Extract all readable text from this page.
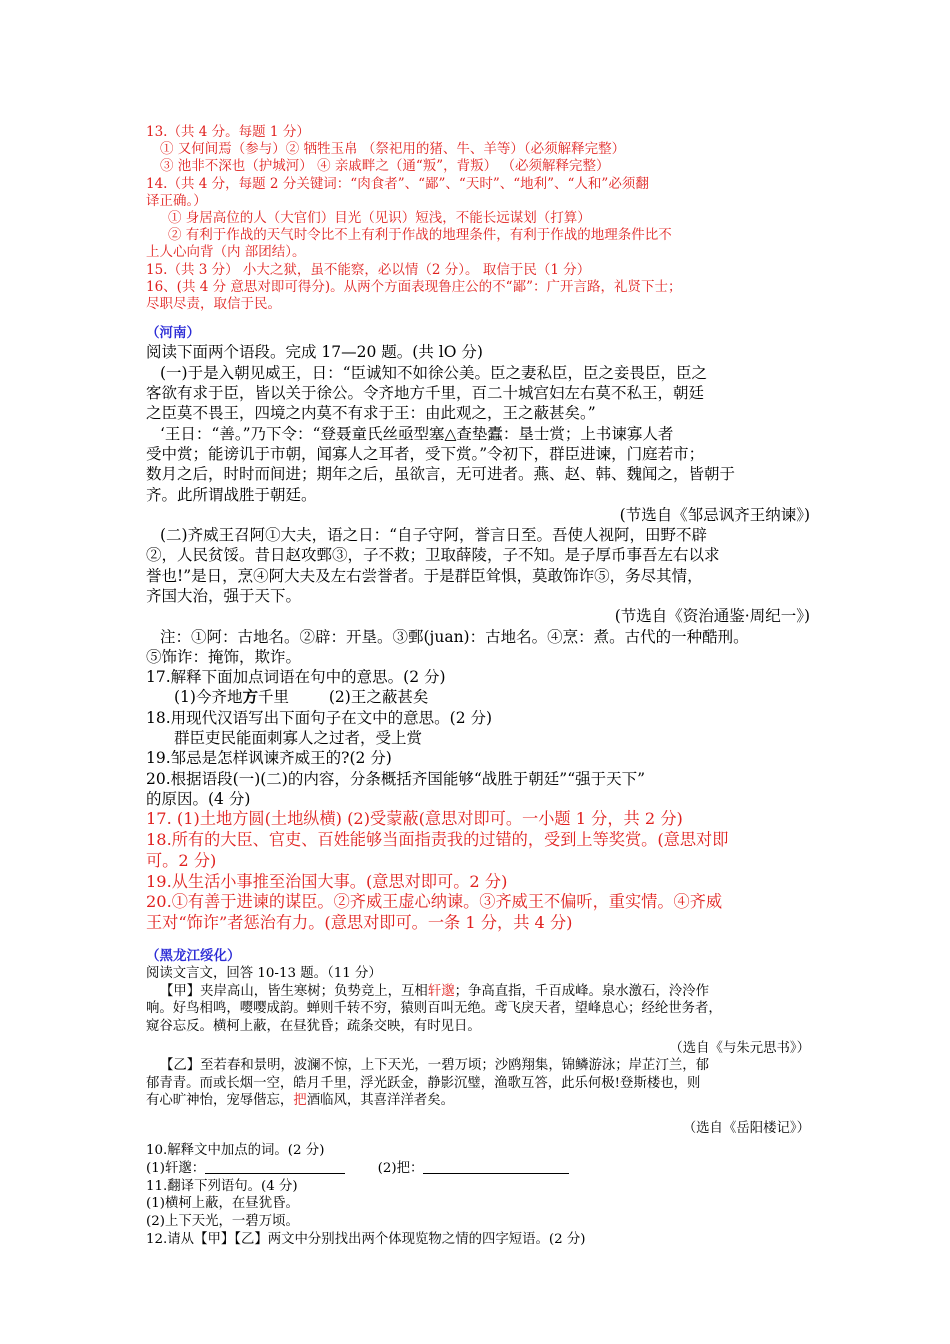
13.（共 4 分。每题 1 分）
① 又何间焉（参与）② 牺牲玉帛 （祭祀用的猪、牛、羊等）（必须解释完整）
③ 池非不深也（护城河） ④ 亲戚畔之（通“叛”，背叛） （必须解释完整）
14.（共 4 分，每题 2 分关键词：“肉食者”、“鄙”、“天时”、“地利”、“人和”必须翻
译正确。）
① 身居高位的人（大官们）目光（见识）短浅，不能长远谋划（打算）
② 有利于作战的天气时令比不上有利于作战的地理条件，有利于作战的地理条件比不
上人心向背（内 部团结）。
15.（共 3 分） 小大之狱，虽不能察，必以情（2 分）。 取信于民（1 分）
16、(共 4 分 意思对即可得分)。从两个方面表现鲁庄公的不“鄙”：广开言路，礼贤下士；
尽职尽责，取信于民。
（河南）
阅读下面两个语段。完成 17—20 题。(共 lO 分)
(一)于是入朝见威王，日：“臣诚知不如徐公美。臣之妻私臣，臣之妾畏臣，臣之
客欲有求于臣，皆以关于徐公。令齐地方千里，百二十城宫妇左右莫不私王，朝廷
之臣莫不畏王，四境之内莫不有求于王：由此观之，王之蔽甚矣。”
‘王日：“善。”乃下令：“登聂童氏丝亟型塞△查垫蠹：垦士赏；上书谏寡人者
受中赏；能谤讥于市朝，闻寡人之耳者，受下赏。”令初下，群臣进谏，门庭若市；
数月之后，时时而间进；期年之后，虽欲言，无可进者。燕、赵、韩、魏闻之，皆朝于
齐。此所谓战胜于朝廷。
(节选自《邹忌讽齐王纳谏》)
(二)齐威王召阿①大夫，语之日：“自子守阿，誉言日至。吾使人视阿，田野不辟
②，人民贫馁。昔日赵攻鄄③，子不救；卫取薛陵，子不知。是子厚币事吾左右以求
誉也!”是日，烹④阿大夫及左右尝誉者。于是群臣耸惧，莫敢饰诈⑤，务尽其情，
齐国大治，强于天下。
(节选自《资治通鉴·周纪一》)
注：①阿：古地名。②辟：开垦。③鄄(juan)：古地名。④烹：煮。古代的一种酷刑。
⑤饰诈：掩饰，欺诈。
17.解释下面加点词语在句中的意思。(2 分)
(1)今齐地方千里	(2)王之蔽甚矣
18.用现代汉语写出下面句子在文中的意思。(2 分)
群臣吏民能面刺寡人之过者，受上赏
19.邹忌是怎样讽谏齐威王的?(2 分)
20.根据语段(一)(二)的内容，分条概括齐国能够“战胜于朝廷”“强于天下”
的原因。(4 分)
17. (1)土地方圆(土地纵横) (2)受蒙蔽(意思对即可。一小题 1 分，共 2 分)
18.所有的大臣、官吏、百姓能够当面指责我的过错的，受到上等奖赏。(意思对即
可。2 分)
19.从生活小事推至治国大事。(意思对即可。2 分)
20.①有善于进谏的谋臣。②齐威王虚心纳谏。③齐威王不偏听，重实情。④齐威
王对“饰诈”者惩治有力。(意思对即可。一条 1 分，共 4 分)
（黑龙江绥化）
阅读文言文，回答 10-13 题。（11 分）
【甲】夹岸高山，皆生寒树；负势竞上，互相轩邈；争高直指，千百成峰。泉水激石，泠泠作
响。好鸟相鸣，嘤嘤成韵。蝉则千转不穷，猿则百叫无绝。鸢飞戾天者，望峰息心；经纶世务者，
窥谷忘反。横柯上蔽，在昼犹昏；疏条交映，有时见日。
（选自《与朱元思书》）
【乙】至若春和景明，波澜不惊，上下天光，一碧万顷；沙鸥翔集，锦鳞游泳；岸芷汀兰，郁
郁青青。而或长烟一空，皓月千里，浮光跃金，静影沉璧，渔歌互答，此乐何极!登斯楼也，则
有心旷神怡，宠辱偕忘，把酒临风，其喜洋洋者矣。
（选自《岳阳楼记》）
10.解释文中加点的词。(2 分)
(1)轩邈：	(2)把：
11.翻译下列语句。(4 分)
(1)横柯上蔽，在昼犹昏。
(2)上下天光，一碧万顷。
12.请从【甲】【乙】两文中分别找出两个体现览物之情的四字短语。(2 分)
